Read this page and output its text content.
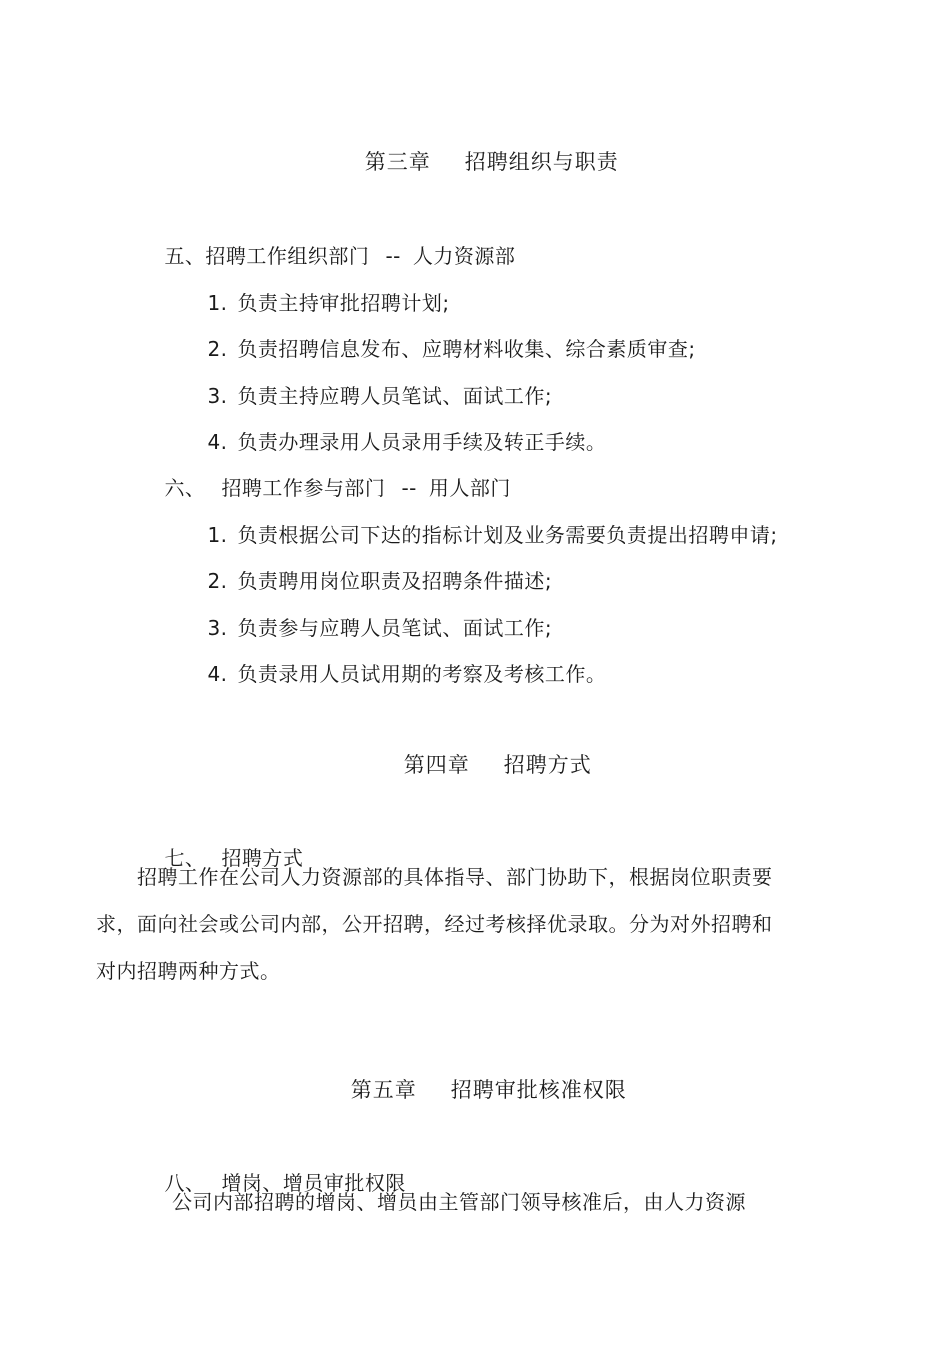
第三章 招聘组织与职责

五、招聘工作组织部门 -- 人力资源部

1. 负责主持审批招聘计划;

2. 负责招聘信息发布、应聘材料收集、综合素质审查;

3. 负责主持应聘人员笔试、面试工作;

4. 负责办理录用人员录用手续及转正手续。

六、 招聘工作参与部门 -- 用人部门

1. 负责根据公司下达的指标计划及业务需要负责提出招聘申请;

2. 负责聘用岗位职责及招聘条件描述;

3. 负责参与应聘人员笔试、面试工作;

4. 负责录用人员试用期的考察及考核工作。

第四章 招聘方式

七、 招聘方式

招聘工作在公司人力资源部的具体指导、部门协助下，根据岗位职责要
求，面向社会或公司内部，公开招聘，经过考核择优录取。分为对外招聘和
对内招聘两种方式。

第五章 招聘审批核准权限

八、 增岗、增员审批权限

公司内部招聘的增岗、增员由主管部门领导核准后，由人力资源
